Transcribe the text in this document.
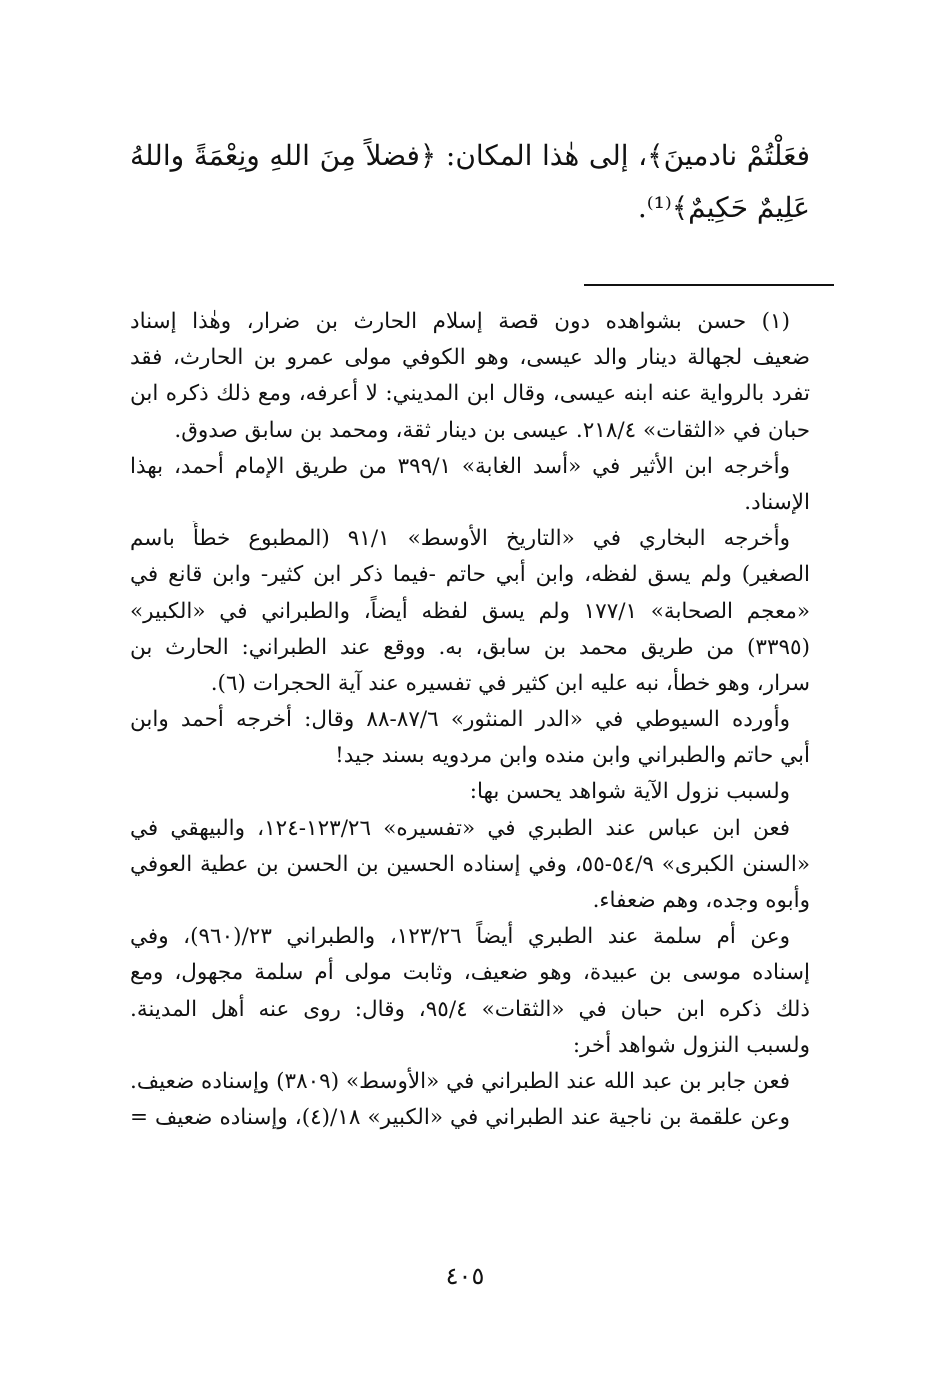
فعَلْتُمْ نادمينَ﴾، إلى هٰذا المكان: ﴿فضلاً مِنَ اللهِ ونِعْمَةً واللهُ
عَلِيمٌ حَكِيمٌ﴾⁽¹⁾.
(١) حسن بشواهده دون قصة إسلام الحارث بن ضرار، وهٰذا إسناد
ضعيف لجهالة دينار والد عيسى، وهو الكوفي مولى عمرو بن الحارث، فقد
تفرد بالرواية عنه ابنه عيسى، وقال ابن المديني: لا أعرفه، ومع ذلك ذكره ابن
حبان في «الثقات» ٢١٨/٤. عيسى بن دينار ثقة، ومحمد بن سابق صدوق.
وأخرجه ابن الأثير في «أسد الغابة» ٣٩٩/١ من طريق الإمام أحمد، بهذا
الإسناد.
وأخرجه البخاري في «التاريخ الأوسط» ٩١/١ (المطبوع خطأً باسم
الصغير) ولم يسق لفظه، وابن أبي حاتم -فيما ذكر ابن كثير- وابن قانع في
«معجم الصحابة» ١٧٧/١ ولم يسق لفظه أيضاً، والطبراني في «الكبير»
(٣٣٩٥) من طريق محمد بن سابق، به. ووقع عند الطبراني: الحارث بن
سرار، وهو خطأ، نبه عليه ابن كثير في تفسيره عند آية الحجرات (٦).
وأورده السيوطي في «الدر المنثور» ٨٧/٦-٨٨ وقال: أخرجه أحمد وابن
أبي حاتم والطبراني وابن منده وابن مردويه بسند جيد!
ولسبب نزول الآية شواهد يحسن بها:
فعن ابن عباس عند الطبري في «تفسيره» ١٢٣/٢٦-١٢٤، والبيهقي في
«السنن الكبرى» ٥٤/٩-٥٥، وفي إسناده الحسين بن الحسن بن عطية العوفي
وأبوه وجده، وهم ضعفاء.
وعن أم سلمة عند الطبري أيضاً ١٢٣/٢٦، والطبراني ٢٣/(٩٦٠)، وفي
إسناده موسى بن عبيدة، وهو ضعيف، وثابت مولى أم سلمة مجهول، ومع
ذلك ذكره ابن حبان في «الثقات» ٩٥/٤، وقال: روى عنه أهل المدينة.
ولسبب النزول شواهد أخر:
فعن جابر بن عبد الله عند الطبراني في «الأوسط» (٣٨٠٩) وإسناده ضعيف.
وعن علقمة بن ناجية عند الطبراني في «الكبير» ١٨/(٤)، وإسناده ضعيف =
٤٠٥
